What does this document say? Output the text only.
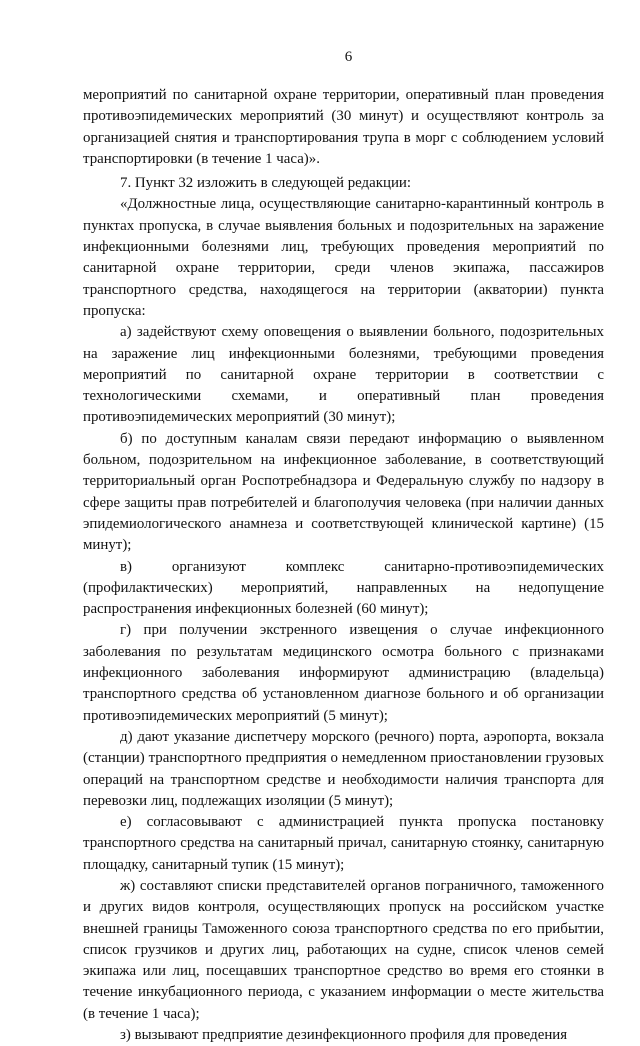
6

мероприятий по санитарной охране территории, оперативный план проведения противоэпидемических мероприятий (30 минут) и осуществляют контроль за организацией снятия и транспортирования трупа в морг с соблюдением условий транспортировки (в течение 1 часа)».

7. Пункт 32 изложить в следующей редакции:

«Должностные лица, осуществляющие санитарно-карантинный контроль в пунктах пропуска, в случае выявления больных и подозрительных на заражение инфекционными болезнями лиц, требующих проведения мероприятий по санитарной охране территории, среди членов экипажа, пассажиров транспортного средства, находящегося на территории (акватории) пункта пропуска:

а) задействуют схему оповещения о выявлении больного, подозрительных на заражение лиц инфекционными болезнями, требующими проведения мероприятий по санитарной охране территории в соответствии с технологическими схемами, и оперативный план проведения противоэпидемических мероприятий (30 минут);

б) по доступным каналам связи передают информацию о выявленном больном, подозрительном на инфекционное заболевание, в соответствующий территориальный орган Роспотребнадзора и Федеральную службу по надзору в сфере защиты прав потребителей и благополучия человека (при наличии данных эпидемиологического анамнеза и соответствующей клинической картине) (15 минут);

в) организуют комплекс санитарно-противоэпидемических (профилактических) мероприятий, направленных на недопущение распространения инфекционных болезней (60 минут);

г) при получении экстренного извещения о случае инфекционного заболевания по результатам медицинского осмотра больного с признаками инфекционного заболевания информируют администрацию (владельца) транспортного средства об установленном диагнозе больного и об организации противоэпидемических мероприятий (5 минут);

д) дают указание диспетчеру морского (речного) порта, аэропорта, вокзала (станции) транспортного предприятия о немедленном приостановлении грузовых операций на транспортном средстве и необходимости наличия транспорта для перевозки лиц, подлежащих изоляции (5 минут);

е) согласовывают с администрацией пункта пропуска постановку транспортного средства на санитарный причал, санитарную стоянку, санитарную площадку, санитарный тупик (15 минут);

ж) составляют списки представителей органов пограничного, таможенного и других видов контроля, осуществляющих пропуск на российском участке внешней границы Таможенного союза транспортного средства по его прибытии, список грузчиков и других лиц, работающих на судне, список членов семей экипажа или лиц, посещавших транспортное средство во время его стоянки в течение инкубационного периода, с указанием информации о месте жительства (в течение 1 часа);

з) вызывают предприятие дезинфекционного профиля для проведения
